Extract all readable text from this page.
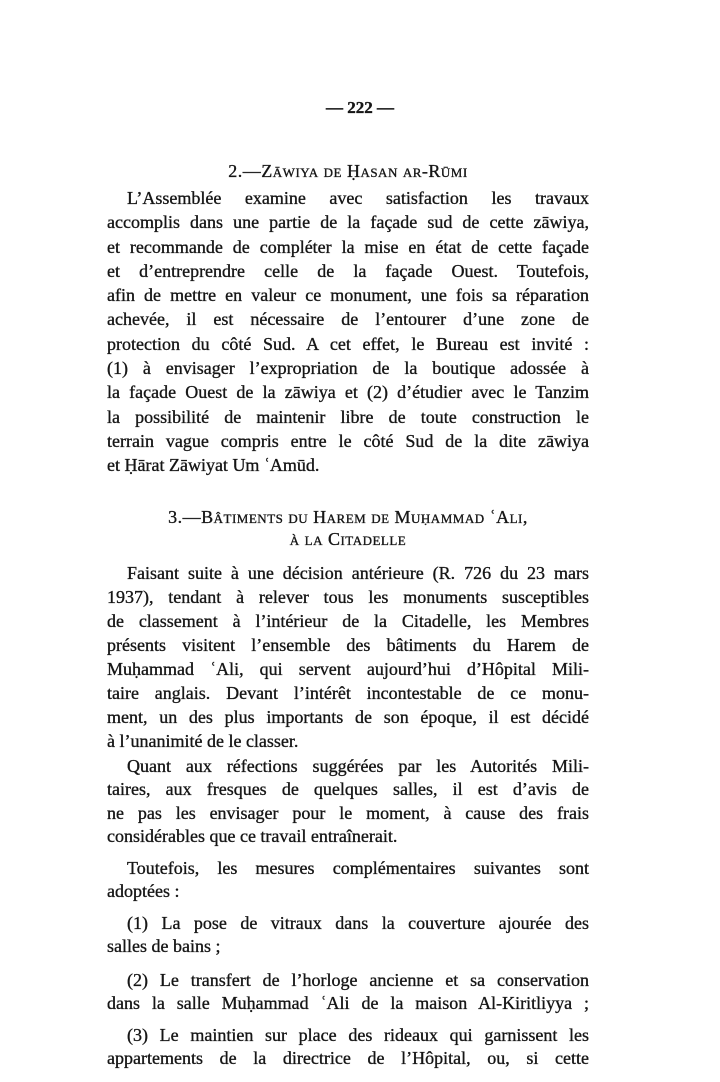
— 222 —
2.—Zāwiya de Ḥasan ar-Rūmi
L’Assemblée examine avec satisfaction les travaux
accomplis dans une partie de la façade sud de cette zāwiya,
et recommande de compléter la mise en état de cette façade
et d’entreprendre celle de la façade Ouest. Toutefois,
afin de mettre en valeur ce monument, une fois sa réparation
achevée, il est nécessaire de l’entourer d’une zone de
protection du côté Sud. A cet effet, le Bureau est invité :
(1) à envisager l’expropriation de la boutique adossée à
la façade Ouest de la zāwiya et (2) d’étudier avec le Tanzim
la possibilité de maintenir libre de toute construction le
terrain vague compris entre le côté Sud de la dite zāwiya
et Ḥārat Zāwiyat Um ʿAmūd.
3.—Bâtiments du Harem de Muḥammad ʿAli,
à la Citadelle
Faisant suite à une décision antérieure (R. 726 du 23 mars
1937), tendant à relever tous les monuments susceptibles
de classement à l’intérieur de la Citadelle, les Membres
présents visitent l’ensemble des bâtiments du Harem de
Muḥammad ʿAli, qui servent aujourd’hui d’Hôpital Mili-
taire anglais. Devant l’intérêt incontestable de ce monu-
ment, un des plus importants de son époque, il est décidé
à l’unanimité de le classer.
Quant aux réfections suggérées par les Autorités Mili-
taires, aux fresques de quelques salles, il est d’avis de
ne pas les envisager pour le moment, à cause des frais
considérables que ce travail entraînerait.
Toutefois, les mesures complémentaires suivantes sont
adoptées :
(1) La pose de vitraux dans la couverture ajourée des
salles de bains ;
(2) Le transfert de l’horloge ancienne et sa conservation
dans la salle Muḥammad ʿAli de la maison Al-Kiritliyya ;
(3) Le maintien sur place des rideaux qui garnissent les
appartements de la directrice de l’Hôpital, ou, si cette
